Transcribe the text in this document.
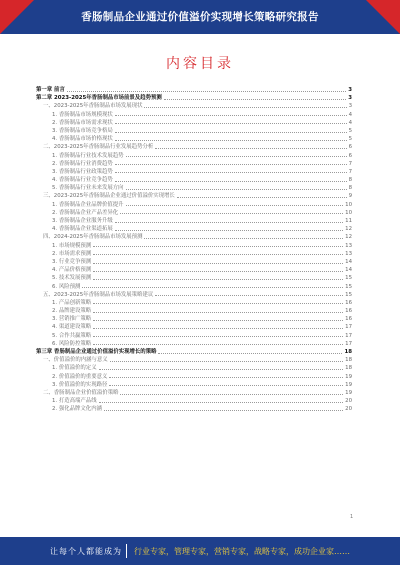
香肠制品企业通过价值溢价实现增长策略研究报告
内容目录
第一章 前言	3
第二章 2023-2025年香肠制品市场前景及趋势预测	3
一、2023-2025年香肠制品市场发展现状	3
1. 香肠制品市场规模现状	4
2. 香肠制品市场需求现状	4
3. 香肠制品市场竞争格局	5
4. 香肠制品市场价格现状	5
二、2023-2025年香肠制品行业发展趋势分析	6
1. 香肠制品行业技术发展趋势	6
2. 香肠制品行业消费趋势	7
3. 香肠制品行业政策趋势	7
4. 香肠制品行业竞争趋势	8
5. 香肠制品行业未来发展方向	8
三、2023-2025年香肠制品企业通过价值溢价实现增长	9
1. 香肠制品企业品牌价值提升	10
2. 香肠制品企业产品差异化	10
3. 香肠制品企业服务升级	11
4. 香肠制品企业渠道拓展	12
四、2024-2025年香肠制品市场发展预测	12
1. 市场规模预测	13
2. 市场需求预测	13
3. 行业竞争预测	14
4. 产品价格预测	14
5. 技术发展预测	15
6. 风险预测	15
五、2023-2025年香肠制品市场发展策略建议	15
1. 产品创新策略	16
2. 品牌建设策略	16
3. 营销推广策略	16
4. 渠道建设策略	17
5. 合作共赢策略	17
6. 风险防控策略	17
第三章 香肠制品企业通过价值溢价实现增长的策略	18
一、价值溢价的内涵与意义	18
1. 价值溢价的定义	18
2. 价值溢价的重要意义	19
3. 价值溢价的实现路径	19
二、香肠制品企业价值溢价策略	19
1. 打造高端产品线	20
2. 强化品牌文化内涵	20
1
让每个人都能成为 行业专家，管理专家，营销专家，战略专家，成功企业家……
